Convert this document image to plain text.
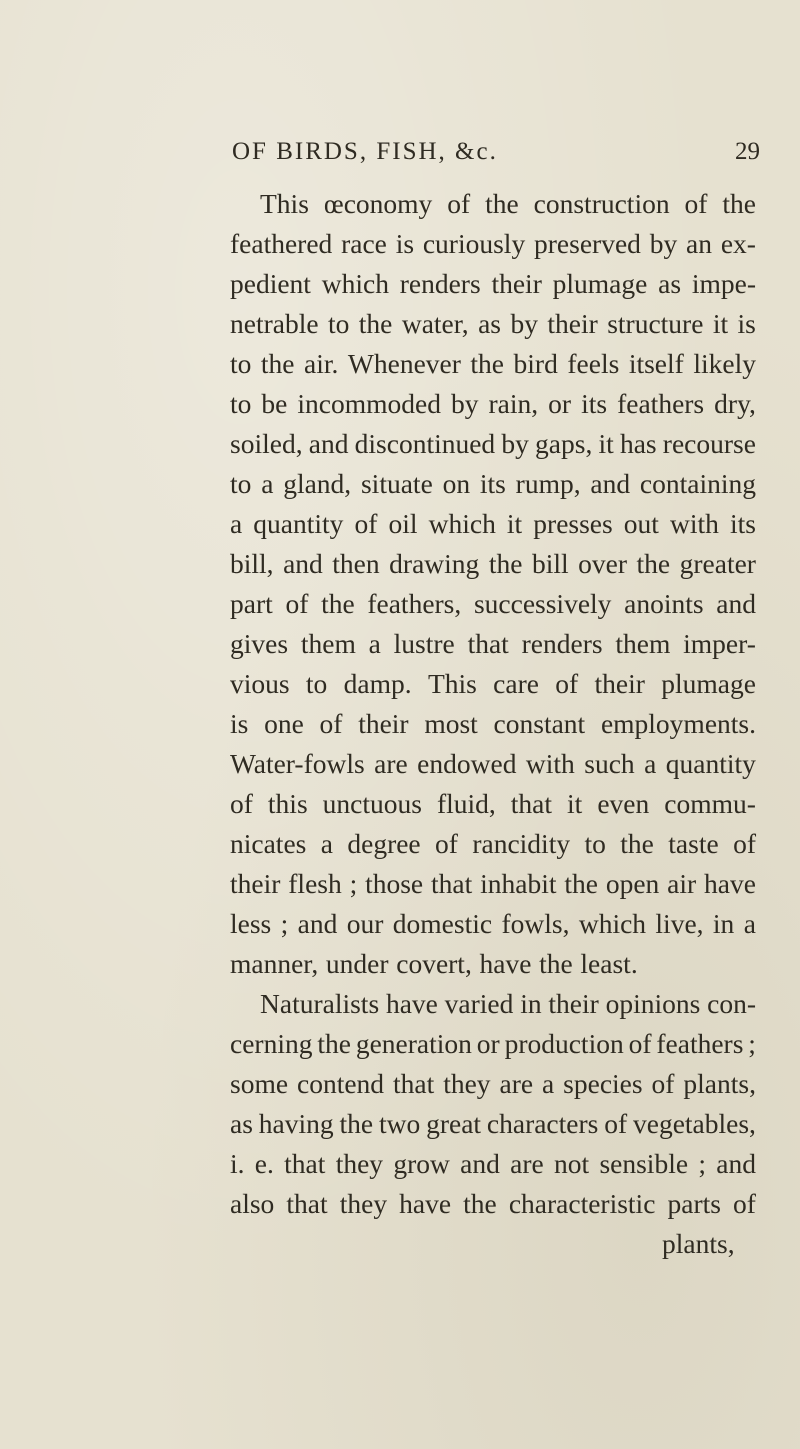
OF BIRDS, FISH, &c.	29
This œconomy of the construction of the
feathered race is curiously preserved by an ex-
pedient which renders their plumage as impe-
netrable to the water, as by their structure it is
to the air. Whenever the bird feels itself likely
to be incommoded by rain, or its feathers dry,
soiled, and discontinued by gaps, it has recourse
to a gland, situate on its rump, and containing
a quantity of oil which it presses out with its
bill, and then drawing the bill over the greater
part of the feathers, successively anoints and
gives them a lustre that renders them imper-
vious to damp. This care of their plumage
is one of their most constant employments.
Water-fowls are endowed with such a quantity
of this unctuous fluid, that it even commu-
nicates a degree of rancidity to the taste of
their flesh ; those that inhabit the open air have
less ; and our domestic fowls, which live, in a
manner, under covert, have the least.
Naturalists have varied in their opinions con-
cerning the generation or production of feathers ;
some contend that they are a species of plants,
as having the two great characters of vegetables,
i. e. that they grow and are not sensible ; and
also that they have the characteristic parts of
plants,
